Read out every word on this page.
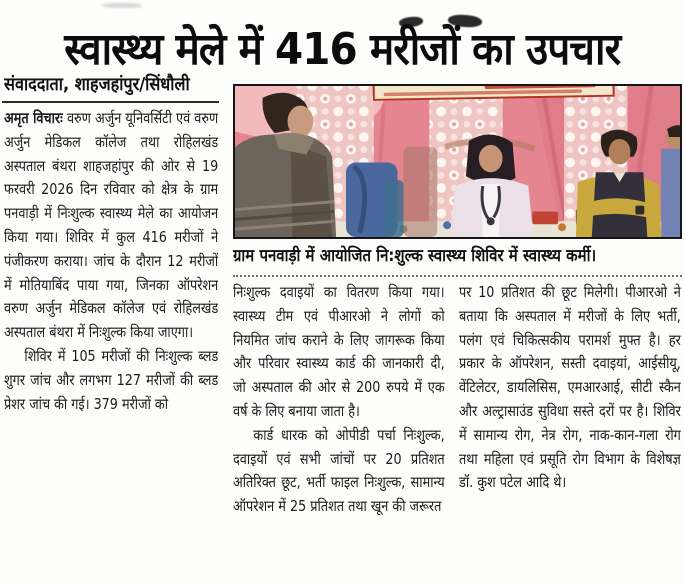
स्वास्थ्य मेले में 416 मरीजों का उपचार
संवाददाता, शाहजहांपुर/सिंधौली

अमृत विचारः वरुण अर्जुन यूनिवर्सिटी एवं वरुण अर्जुन मेडिकल कॉलेज तथा रोहिलखंड अस्पताल बंथरा शाहजहांपुर की ओर से 19 फरवरी 2026 दिन रविवार को क्षेत्र के ग्राम पनवाड़ी में निःशुल्क स्वास्थ्य मेले का आयोजन किया गया। शिविर में कुल 416 मरीजों ने पंजीकरण कराया। जांच के दौरान 12 मरीजों में मोतियाबिंद पाया गया, जिनका ऑपरेशन वरुण अर्जुन मेडिकल कॉलेज एवं रोहिलखंड अस्पताल बंथरा में निःशुल्क किया जाएगा।

शिविर में 105 मरीजों की निःशुल्क ब्लड शुगर जांच और लगभग 127 मरीजों की ब्लड प्रेशर जांच की गई। 379 मरीजों को

ग्राम पनवाड़ी में आयोजित नि:शुल्क स्वास्थ्य शिविर में स्वास्थ्य कर्मी।

निःशुल्क दवाइयों का वितरण किया गया। स्वास्थ्य टीम एवं पीआरओ ने लोगों को नियमित जांच कराने के लिए जागरूक किया और परिवार स्वास्थ्य कार्ड की जानकारी दी, जो अस्पताल की ओर से 200 रुपये में एक वर्ष के लिए बनाया जाता है।

कार्ड धारक को ओपीडी पर्चा निःशुल्क, दवाइयों एवं सभी जांचों पर 20 प्रतिशत अतिरिक्त छूट, भर्ती फाइल निःशुल्क, सामान्य ऑपरेशन में 25 प्रतिशत तथा खून की जरूरत

पर 10 प्रतिशत की छूट मिलेगी। पीआरओ ने बताया कि अस्पताल में मरीजों के लिए भर्ती, पलंग एवं चिकित्सकीय परामर्श मुफ्त है। हर प्रकार के ऑपरेशन, सस्ती दवाइयां, आईसीयू, वेंटिलेटर, डायलिसिस, एमआरआई, सीटी स्कैन और अल्ट्रासाउंड सुविधा सस्ते दरों पर है। शिविर में सामान्य रोग, नेत्र रोग, नाक-कान-गला रोग तथा महिला एवं प्रसूति रोग विभाग के विशेषज्ञ डॉ. कुश पटेल आदि थे।
